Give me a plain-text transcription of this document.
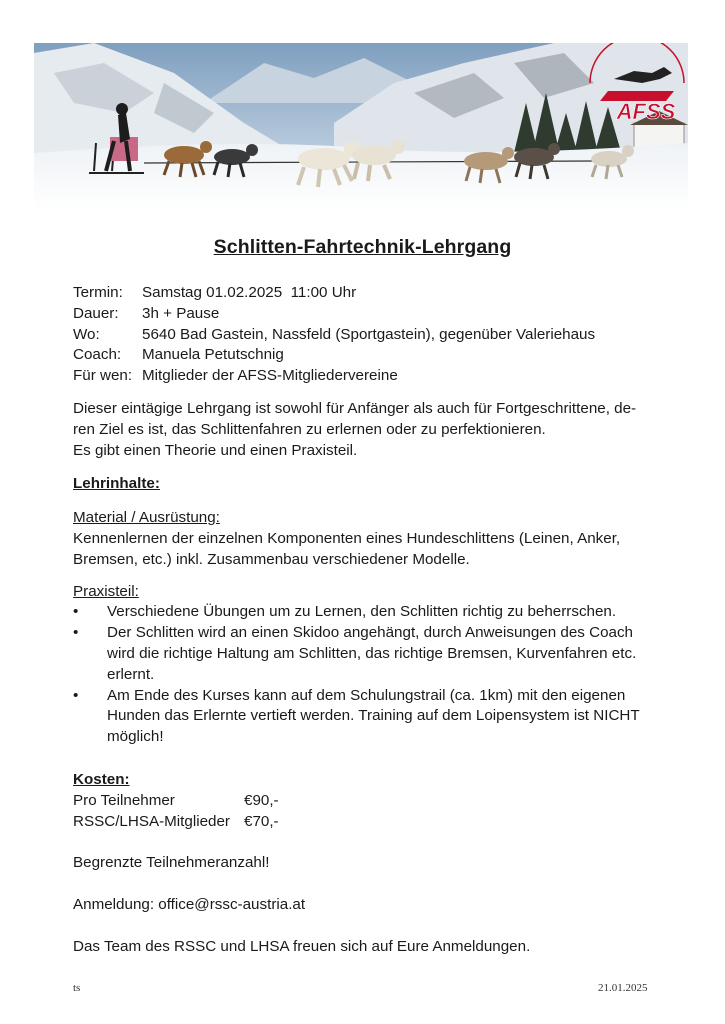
AFSS
Schlitten-Fahrtechnik-Lehrgang
Termin:	Samstag 01.02.2025  11:00 Uhr
Dauer:	3h + Pause
Wo:	5640 Bad Gastein, Nassfeld (Sportgastein), gegenüber Valeriehaus
Coach:	Manuela Petutschnig
Für wen: Mitglieder der AFSS-Mitgliedervereine
Dieser eintägige Lehrgang ist sowohl für Anfänger als auch für Fortgeschrittene, de-
ren Ziel es ist, das Schlittenfahren zu erlernen oder zu perfektionieren.
Es gibt einen Theorie und einen Praxisteil.
Lehrinhalte:
Material / Ausrüstung:
Kennenlernen der einzelnen Komponenten eines Hundeschlittens (Leinen, Anker,
Bremsen, etc.) inkl. Zusammenbau verschiedener Modelle.
Praxisteil:
• Verschiedene Übungen um zu Lernen, den Schlitten richtig zu beherrschen.
• Der Schlitten wird an einen Skidoo angehängt, durch Anweisungen des Coach
wird die richtige Haltung am Schlitten, das richtige Bremsen, Kurvenfahren etc.
erlernt.
• Am Ende des Kurses kann auf dem Schulungstrail (ca. 1km) mit den eigenen
Hunden das Erlernte vertieft werden. Training auf dem Loipensystem ist NICHT
möglich!
Kosten:
Pro Teilnehmer	€90,-
RSSC/LHSA-Mitglieder €70,-
Begrenzte Teilnehmeranzahl!
Anmeldung: office@rssc-austria.at
Das Team des RSSC und LHSA freuen sich auf Eure Anmeldungen.
ts	21.01.2025
